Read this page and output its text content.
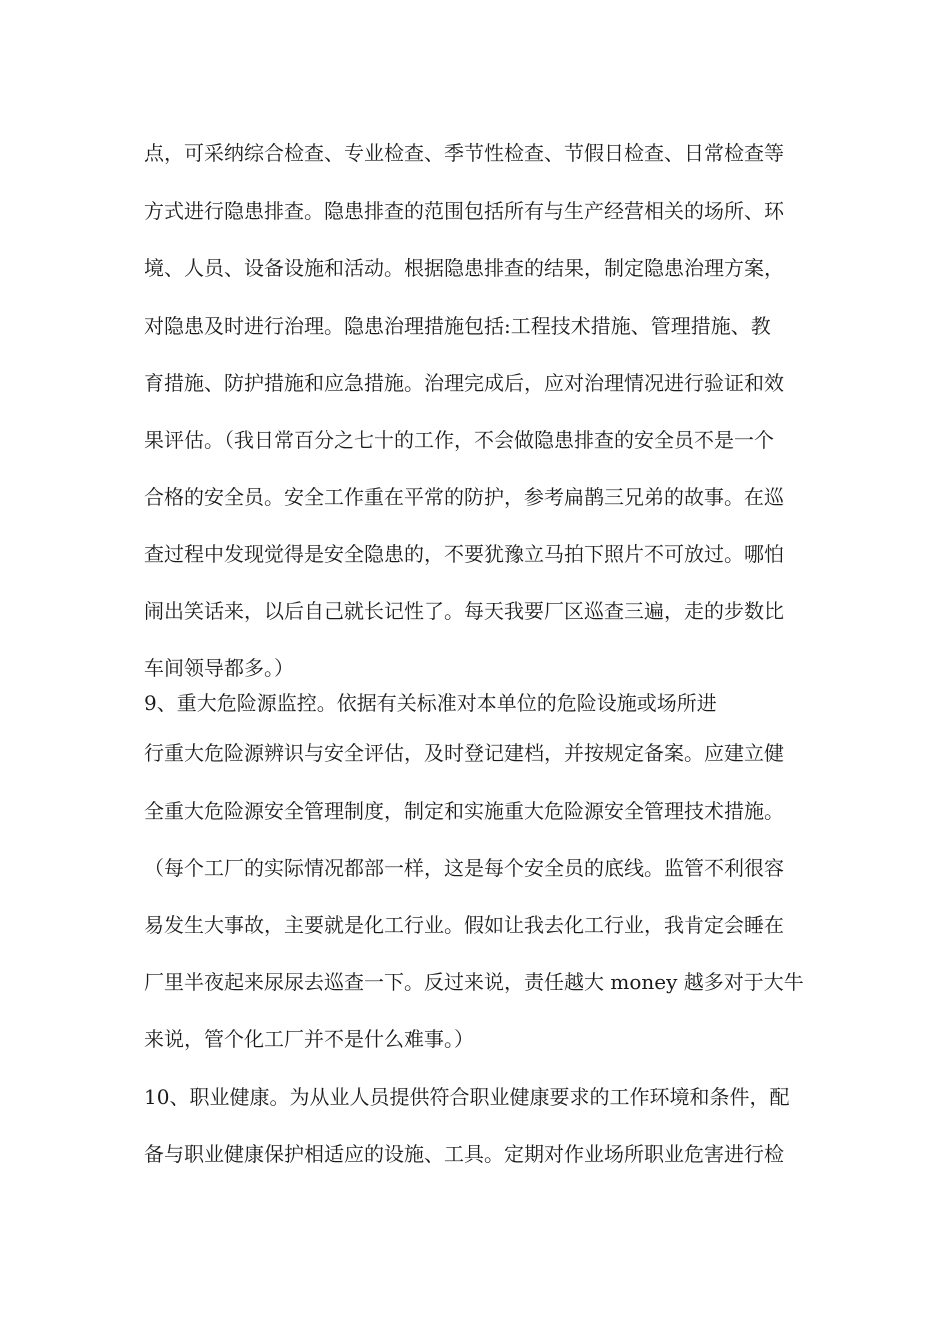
点，可采纳综合检查、专业检查、季节性检查、节假日检查、日常检查等
方式进行隐患排查。隐患排查的范围包括所有与生产经营相关的场所、环
境、人员、设备设施和活动。根据隐患排查的结果，制定隐患治理方案，
对隐患及时进行治理。隐患治理措施包括:工程技术措施、管理措施、教
育措施、防护措施和应急措施。治理完成后，应对治理情况进行验证和效
果评估。（我日常百分之七十的工作，不会做隐患排查的安全员不是一个
合格的安全员。安全工作重在平常的防护，参考扁鹊三兄弟的故事。在巡
查过程中发现觉得是安全隐患的，不要犹豫立马拍下照片不可放过。哪怕
闹出笑话来，以后自己就长记性了。每天我要厂区巡查三遍，走的步数比
车间领导都多。）
9、重大危险源监控。依据有关标准对本单位的危险设施或场所进
行重大危险源辨识与安全评估，及时登记建档，并按规定备案。应建立健
全重大危险源安全管理制度，制定和实施重大危险源安全管理技术措施。
（每个工厂的实际情况都部一样，这是每个安全员的底线。监管不利很容
易发生大事故，主要就是化工行业。假如让我去化工行业，我肯定会睡在
厂里半夜起来尿尿去巡查一下。反过来说，责任越大 money 越多对于大牛
来说，管个化工厂并不是什么难事。）
10、职业健康。为从业人员提供符合职业健康要求的工作环境和条件，配
备与职业健康保护相适应的设施、工具。定期对作业场所职业危害进行检
